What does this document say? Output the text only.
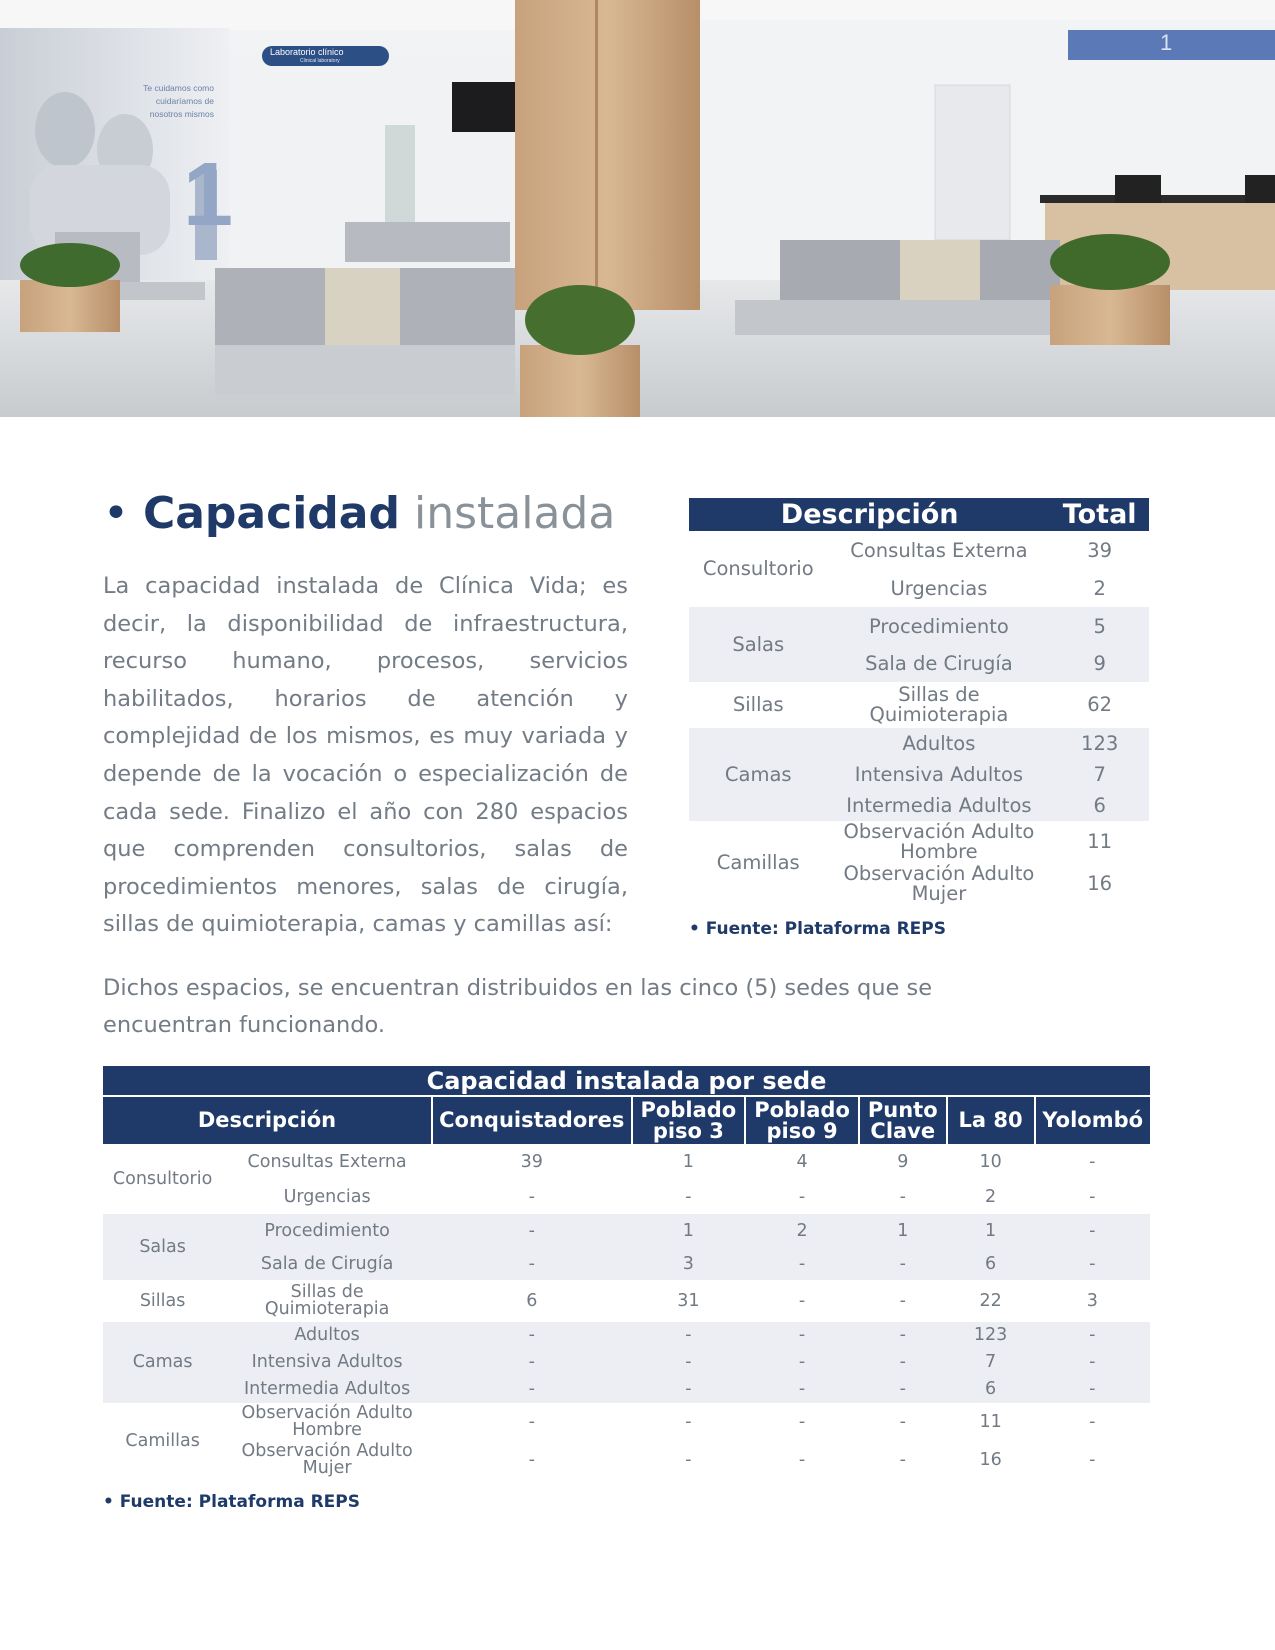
Laboratorio clínico
Clinical laboratory
Te cuidamos como
cuidaríamos de
nosotros mismos
1
1
• Capacidad instalada

La capacidad instalada de Clínica Vida; es decir, la disponibilidad de infraestructura, recurso humano, procesos, servicios habilitados, horarios de atención y complejidad de los mismos, es muy variada y depende de la vocación o especialización de cada sede. Finalizo el año con 280 espacios que comprenden consultorios, salas de procedimientos menores, salas de cirugía, sillas de quimioterapia, camas y camillas así:

Descripción		Total
Consultorio	Consultas Externa	39
	Urgencias	2
Salas	Procedimiento	5
	Sala de Cirugía	9
Sillas	Sillas de Quimioterapia	62
Camas	Adultos	123
	Intensiva Adultos	7
	Intermedia Adultos	6
Camillas	Observación Adulto Hombre	11
	Observación Adulto Mujer	16
• Fuente: Plataforma REPS

Dichos espacios, se encuentran distribuidos en las cinco (5) sedes que se encuentran funcionando.

Capacidad instalada por sede							
Descripción		Conquistadores	Poblado piso 3	Poblado piso 9	Punto Clave	La 80	Yolombó
Consultorio	Consultas Externa	39	1	4	9	10	-
	Urgencias	-	-	-	-	2	-
Salas	Procedimiento	-	1	2	1	1	-
	Sala de Cirugía	-	3	-	-	6	-
Sillas	Sillas de Quimioterapia	6	31	-	-	22	3
Camas	Adultos	-	-	-	-	123	-
	Intensiva Adultos	-	-	-	-	7	-
	Intermedia Adultos	-	-	-	-	6	-
Camillas	Observación Adulto Hombre	-	-	-	-	11	-
	Observación Adulto Mujer	-	-	-	-	16	-
• Fuente: Plataforma REPS
